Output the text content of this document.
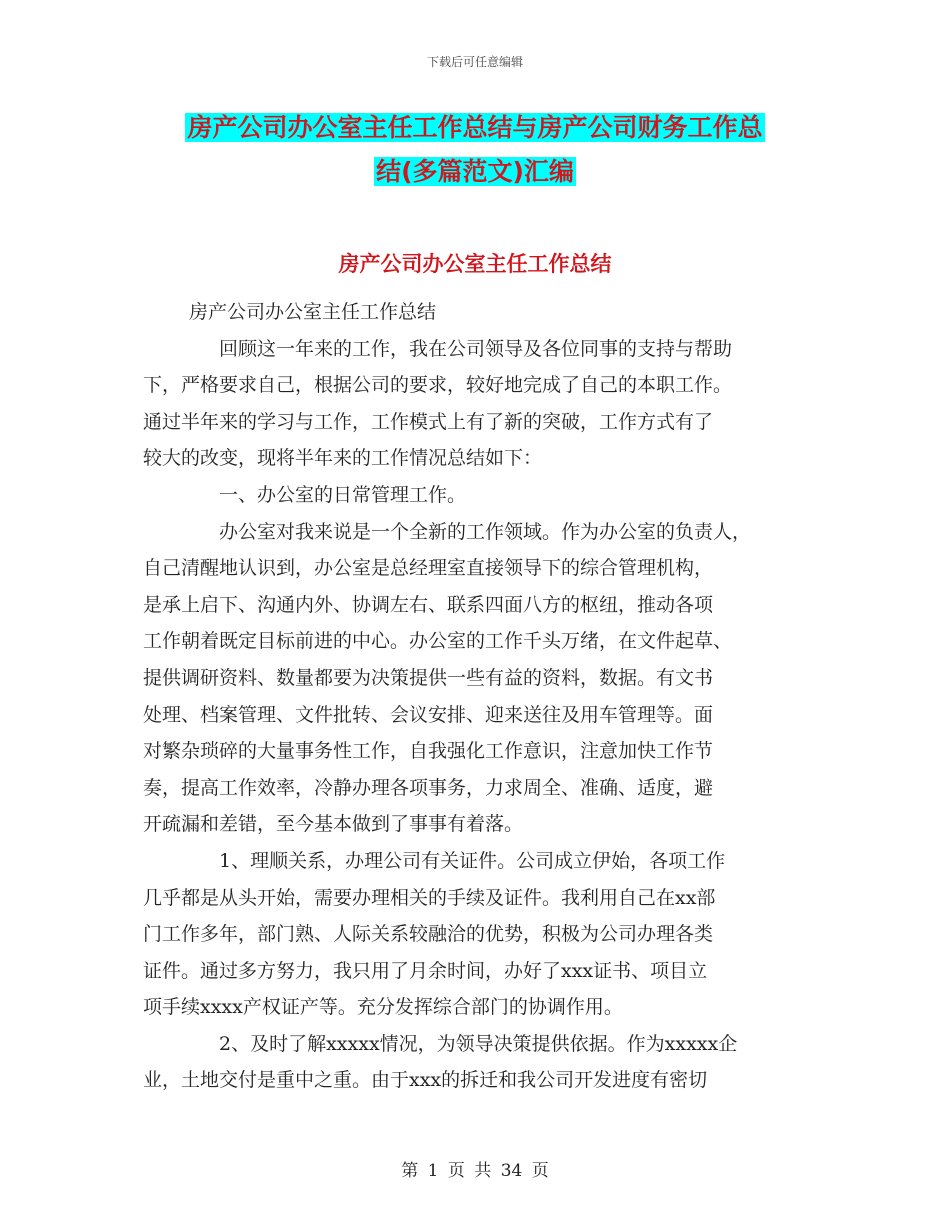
下载后可任意编辑
房产公司办公室主任工作总结与房产公司财务工作总
结(多篇范文)汇编
房产公司办公室主任工作总结
房产公司办公室主任工作总结
回顾这一年来的工作，我在公司领导及各位同事的支持与帮助
下，严格要求自己，根据公司的要求，较好地完成了自己的本职工作。
通过半年来的学习与工作，工作模式上有了新的突破，工作方式有了
较大的改变，现将半年来的工作情况总结如下：
一、办公室的日常管理工作。
办公室对我来说是一个全新的工作领域。作为办公室的负责人，
自己清醒地认识到，办公室是总经理室直接领导下的综合管理机构，
是承上启下、沟通内外、协调左右、联系四面八方的枢纽，推动各项
工作朝着既定目标前进的中心。办公室的工作千头万绪，在文件起草、
提供调研资料、数量都要为决策提供一些有益的资料，数据。有文书
处理、档案管理、文件批转、会议安排、迎来送往及用车管理等。面
对繁杂琐碎的大量事务性工作，自我强化工作意识，注意加快工作节
奏，提高工作效率，冷静办理各项事务，力求周全、准确、适度，避
开疏漏和差错，至今基本做到了事事有着落。
1、理顺关系，办理公司有关证件。公司成立伊始，各项工作
几乎都是从头开始，需要办理相关的手续及证件。我利用自己在xx部
门工作多年，部门熟、人际关系较融洽的优势，积极为公司办理各类
证件。通过多方努力，我只用了月余时间，办好了xxx证书、项目立
项手续xxxx产权证产等。充分发挥综合部门的协调作用。
2、及时了解xxxxx情况，为领导决策提供依据。作为xxxxx企
业，土地交付是重中之重。由于xxx的拆迁和我公司开发进度有密切
第 1 页 共 34 页
